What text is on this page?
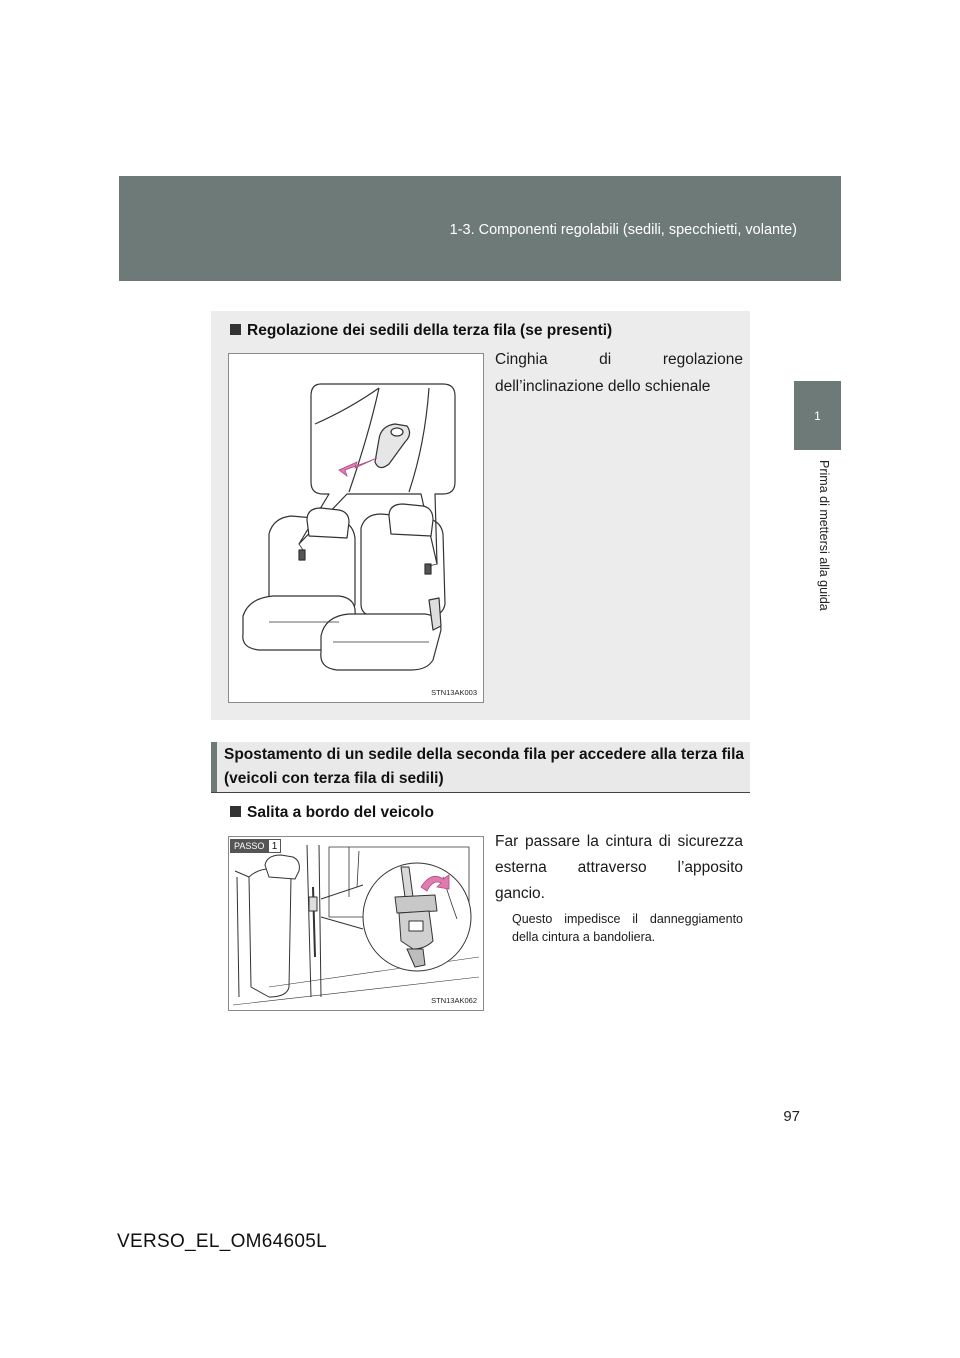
1-3. Componenti regolabili (sedili, specchietti, volante)
1
Prima di mettersi alla guida
Regolazione dei sedili della terza fila (se presenti)
STN13AK003
Cinghia di regolazione dell’inclinazione dello schienale
Spostamento di un sedile della seconda fila per accedere alla terza fila (veicoli con terza fila di sedili)
Salita a bordo del veicolo
PASSO 1
STN13AK062
Far passare la cintura di sicurezza esterna attraverso l’apposito gancio.
Questo impedisce il danneggiamento della cintura a bandoliera.
97
VERSO_EL_OM64605L
